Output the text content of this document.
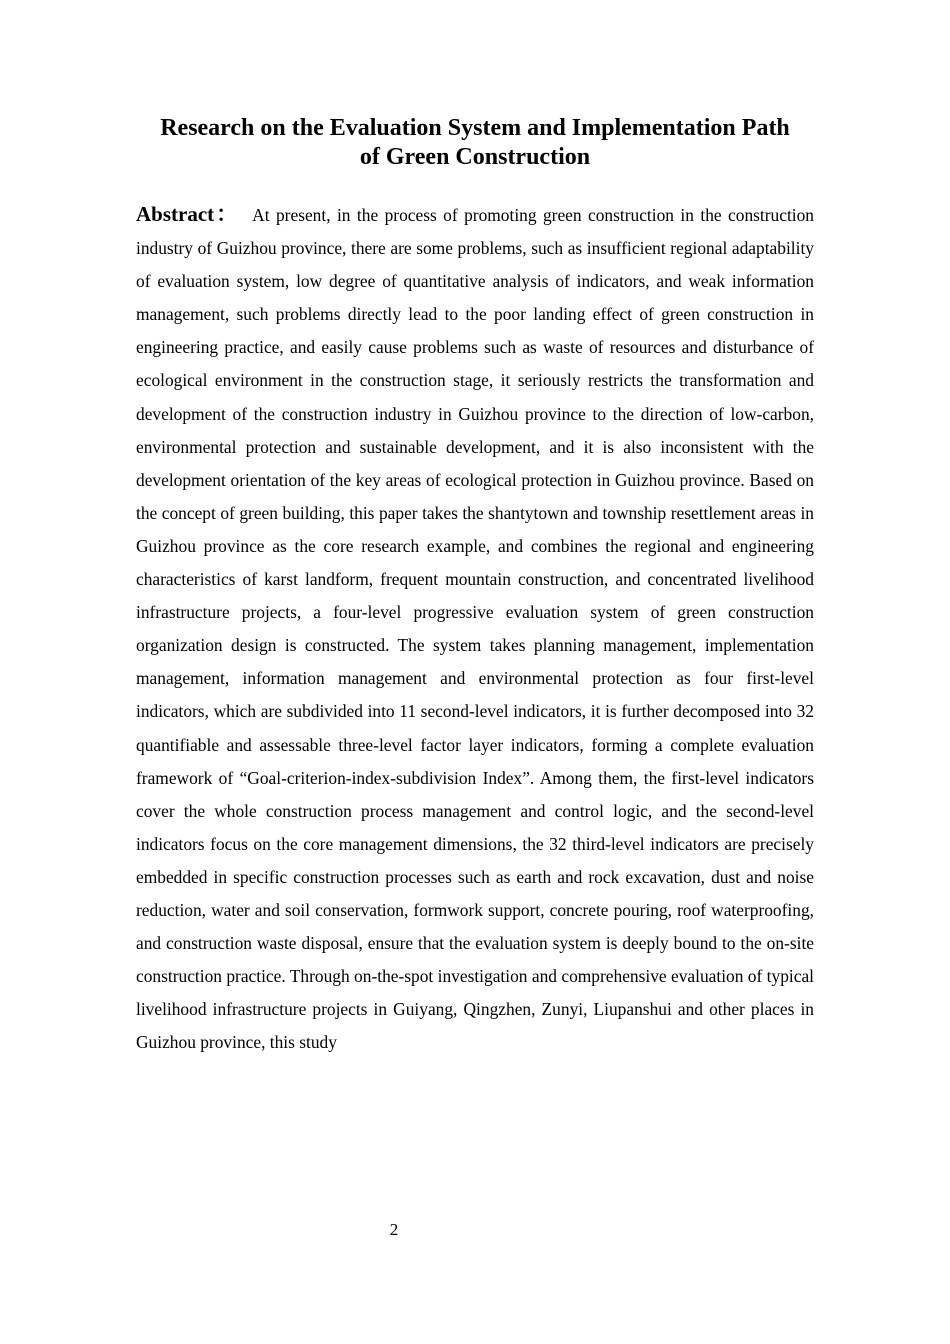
Research on the Evaluation System and Implementation Path
of Green Construction

Abstract： At present, in the process of promoting green construction in the construction industry of Guizhou province, there are some problems, such as insufficient regional adaptability of evaluation system, low degree of quantitative analysis of indicators, and weak information management, such problems directly lead to the poor landing effect of green construction in engineering practice, and easily cause problems such as waste of resources and disturbance of ecological environment in the construction stage, it seriously restricts the transformation and development of the construction industry in Guizhou province to the direction of low-carbon, environmental protection and sustainable development, and it is also inconsistent with the development orientation of the key areas of ecological protection in Guizhou province. Based on the concept of green building, this paper takes the shantytown and township resettlement areas in Guizhou province as the core research example, and combines the regional and engineering characteristics of karst landform, frequent mountain construction, and concentrated livelihood infrastructure projects, a four-level progressive evaluation system of green construction organization design is constructed. The system takes planning management, implementation management, information management and environmental protection as four first-level indicators, which are subdivided into 11 second-level indicators, it is further decomposed into 32 quantifiable and assessable three-level factor layer indicators, forming a complete evaluation framework of “Goal-criterion-index-subdivision Index”. Among them, the first-level indicators cover the whole construction process management and control logic, and the second-level indicators focus on the core management dimensions, the 32 third-level indicators are precisely embedded in specific construction processes such as earth and rock excavation, dust and noise reduction, water and soil conservation, formwork support, concrete pouring, roof waterproofing, and construction waste disposal, ensure that the evaluation system is deeply bound to the on-site construction practice. Through on-the-spot investigation and comprehensive evaluation of typical livelihood infrastructure projects in Guiyang, Qingzhen, Zunyi, Liupanshui and other places in Guizhou province, this study

2
